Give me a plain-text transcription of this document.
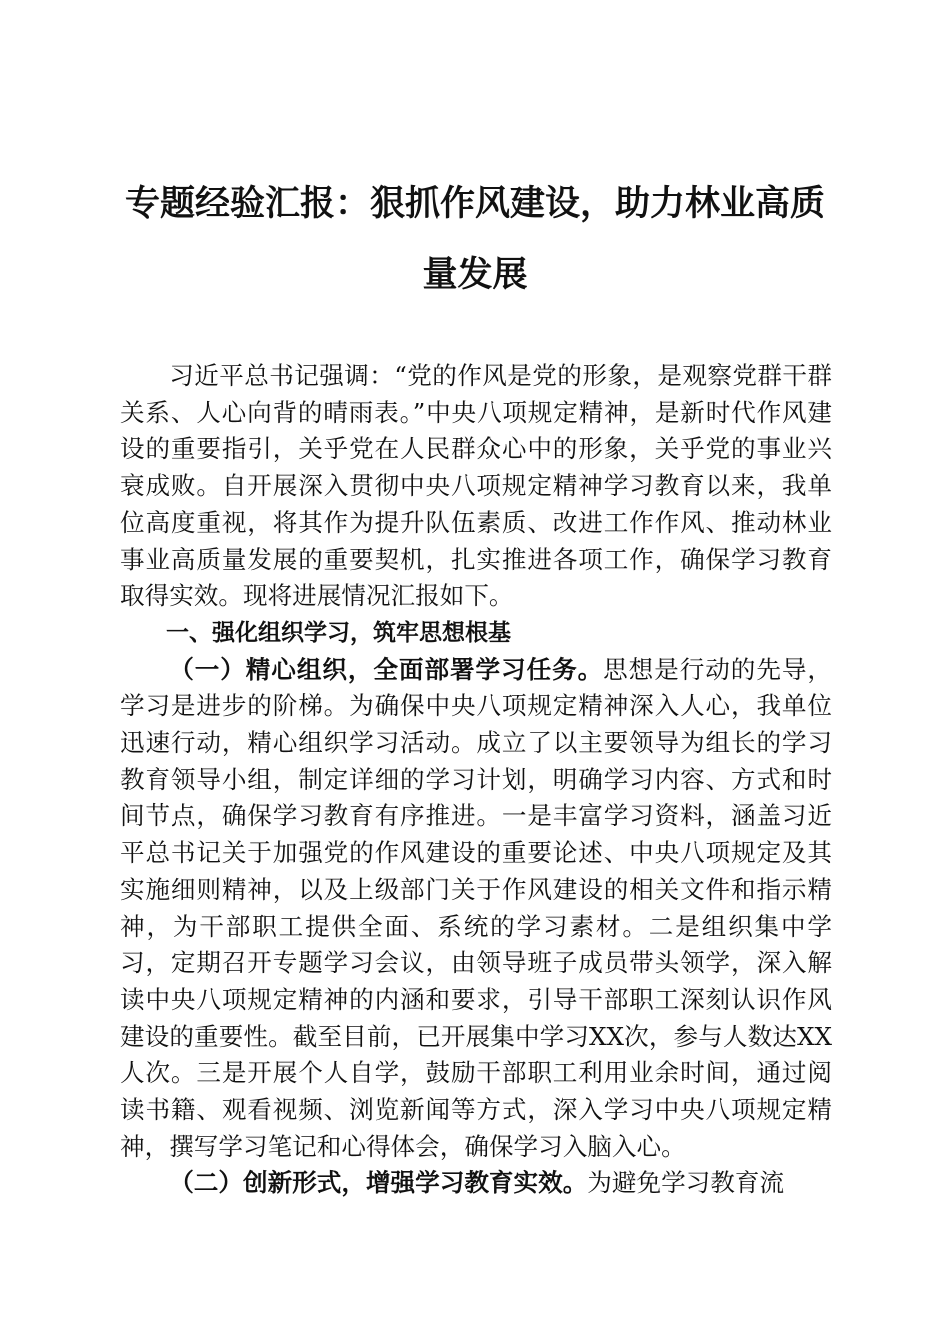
专题经验汇报：狠抓作风建设，助力林业高质量发展

习近平总书记强调：“党的作风是党的形象，是观察党群干群关系、人心向背的晴雨表。”中央八项规定精神，是新时代作风建设的重要指引，关乎党在人民群众心中的形象，关乎党的事业兴衰成败。自开展深入贯彻中央八项规定精神学习教育以来，我单位高度重视，将其作为提升队伍素质、改进工作作风、推动林业事业高质量发展的重要契机，扎实推进各项工作，确保学习教育取得实效。现将进展情况汇报如下。

一、强化组织学习，筑牢思想根基

（一）精心组织，全面部署学习任务。思想是行动的先导，学习是进步的阶梯。为确保中央八项规定精神深入人心，我单位迅速行动，精心组织学习活动。成立了以主要领导为组长的学习教育领导小组，制定详细的学习计划，明确学习内容、方式和时间节点，确保学习教育有序推进。一是丰富学习资料，涵盖习近平总书记关于加强党的作风建设的重要论述、中央八项规定及其实施细则精神，以及上级部门关于作风建设的相关文件和指示精神，为干部职工提供全面、系统的学习素材。二是组织集中学习，定期召开专题学习会议，由领导班子成员带头领学，深入解读中央八项规定精神的内涵和要求，引导干部职工深刻认识作风建设的重要性。截至目前，已开展集中学习XX次，参与人数达XX人次。三是开展个人自学，鼓励干部职工利用业余时间，通过阅读书籍、观看视频、浏览新闻等方式，深入学习中央八项规定精神，撰写学习笔记和心得体会，确保学习入脑入心。

（二）创新形式，增强学习教育实效。为避免学习教育流
